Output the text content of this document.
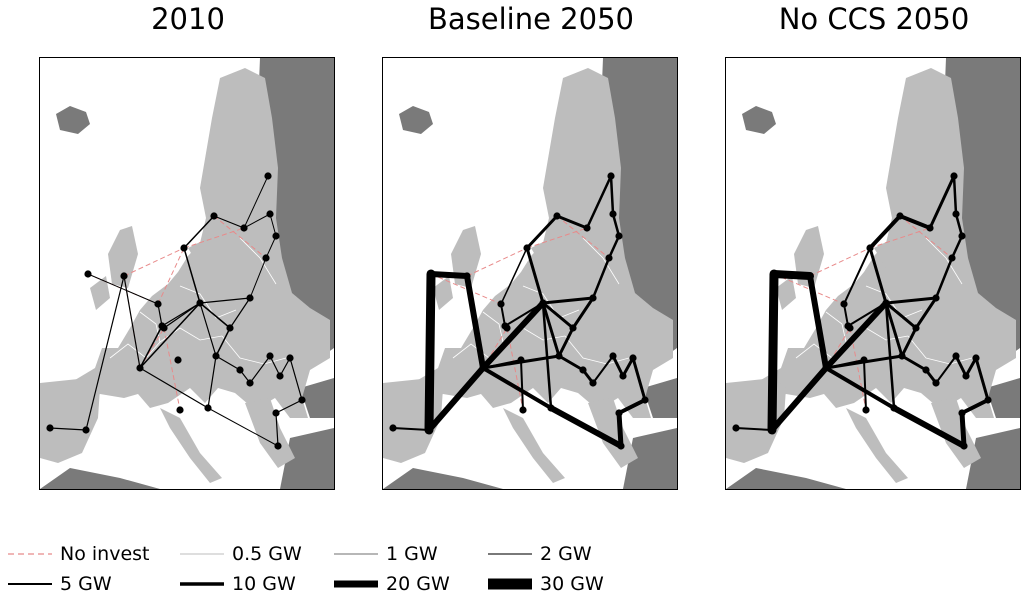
2010	Baseline 2050	No CCS 2050
No invest	0.5 GW	1 GW	2 GW
5 GW	10 GW	20 GW	30 GW
